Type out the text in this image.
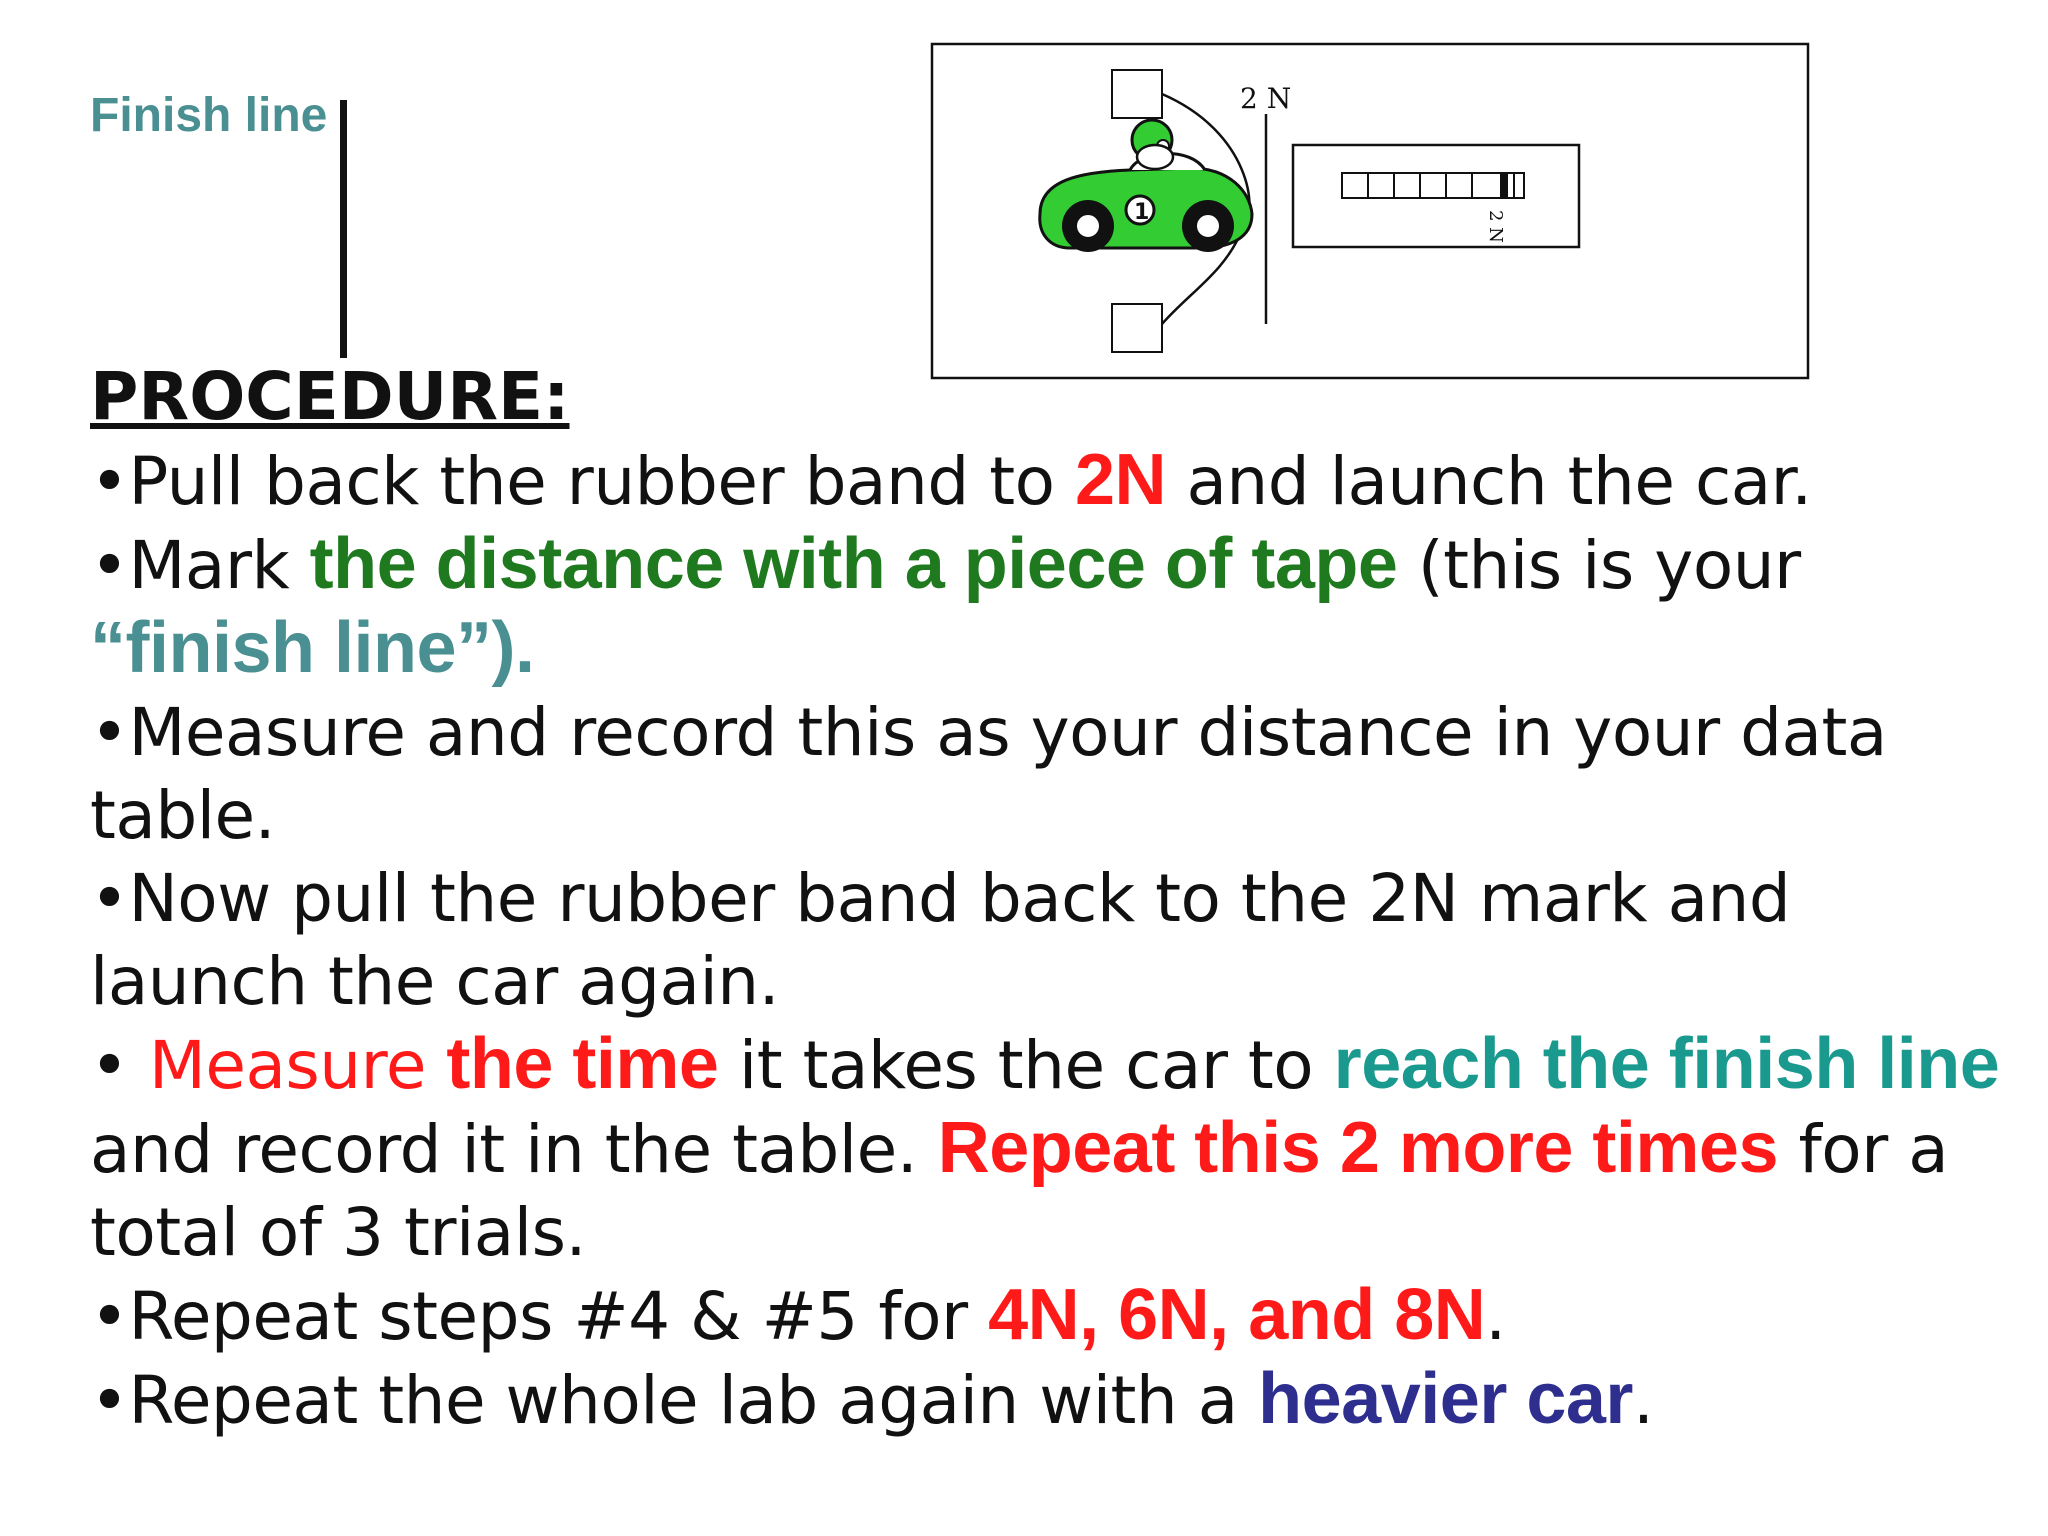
Finish line	2 N
1	2 N

PROCEDURE:

•Pull back the rubber band to 2N and launch the car.

•Mark the distance with a piece of tape (this is your “finish line”).

•Measure and record this as your distance in your data table.

•Now pull the rubber band back to the 2N mark and launch the car again.

• Measure the time it takes the car to reach the finish line and record it in the table. Repeat this 2 more times for a total of 3 trials.

•Repeat steps #4 & #5 for 4N, 6N, and 8N.

•Repeat the whole lab again with a heavier car.
